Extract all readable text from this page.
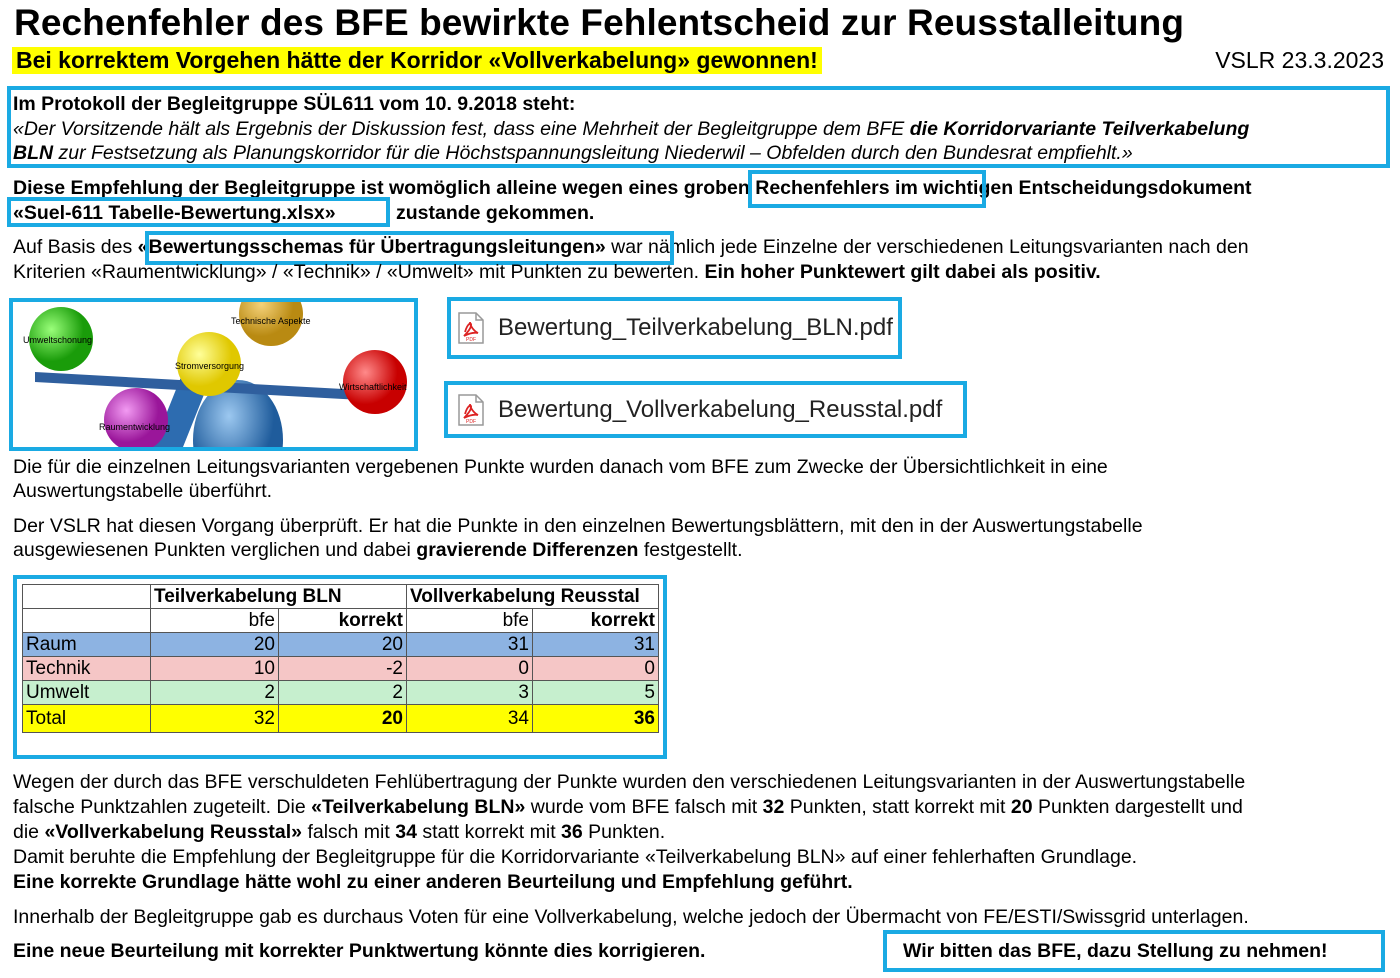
Rechenfehler des BFE bewirkte Fehlentscheid zur Reusstalleitung
Bei korrektem Vorgehen hätte der Korridor «Vollverkabelung» gewonnen!	VSLR 23.3.2023
Im Protokoll der Begleitgruppe SÜL611 vom 10. 9.2018 steht:
«Der Vorsitzende hält als Ergebnis der Diskussion fest, dass eine Mehrheit der Begleitgruppe dem BFE die Korridorvariante Teilverkabelung
BLN zur Festsetzung als Planungskorridor für die Höchstspannungsleitung Niederwil – Obfelden durch den Bundesrat empfiehlt.»
Diese Empfehlung der Begleitgruppe ist womöglich alleine wegen eines groben Rechenfehlers im wichtigen Entscheidungsdokument
«Suel-611 Tabelle-Bewertung.xlsx»	zustande gekommen.
Auf Basis des «Bewertungsschemas für Übertragungsleitungen» war nämlich jede Einzelne der verschiedenen Leitungsvarianten nach den
Kriterien «Raumentwicklung» / «Technik» / «Umwelt» mit Punkten zu bewerten. Ein hoher Punktewert gilt dabei als positiv.
Umweltschonung
Technische Aspekte
Stromversorgung
Wirtschaftlichkeit
Raumentwicklung
PDF Bewertung_Teilverkabelung_BLN.pdf
PDF Bewertung_Vollverkabelung_Reusstal.pdf
Die für die einzelnen Leitungsvarianten vergebenen Punkte wurden danach vom BFE zum Zwecke der Übersichtlichkeit in eine
Auswertungstabelle überführt.
Der VSLR hat diesen Vorgang überprüft. Er hat die Punkte in den einzelnen Bewertungsblättern, mit den in der Auswertungstabelle
ausgewiesenen Punkten verglichen und dabei gravierende Differenzen festgestellt.
	Teilverkabelung BLN		Vollverkabelung Reusstal	
	bfe	korrekt	bfe	korrekt
Raum	20	20	31	31
Technik	10	-2	0	0
Umwelt	2	2	3	5
Total	32	20	34	36
Wegen der durch das BFE verschuldeten Fehlübertragung der Punkte wurden den verschiedenen Leitungsvarianten in der Auswertungstabelle
falsche Punktzahlen zugeteilt. Die «Teilverkabelung BLN» wurde vom BFE falsch mit 32 Punkten, statt korrekt mit 20 Punkten dargestellt und
die «Vollverkabelung Reusstal» falsch mit 34 statt korrekt mit 36 Punkten.
Damit beruhte die Empfehlung der Begleitgruppe für die Korridorvariante «Teilverkabelung BLN» auf einer fehlerhaften Grundlage.
Eine korrekte Grundlage hätte wohl zu einer anderen Beurteilung und Empfehlung geführt.
Innerhalb der Begleitgruppe gab es durchaus Voten für eine Vollverkabelung, welche jedoch der Übermacht von FE/ESTI/Swissgrid unterlagen.
Eine neue Beurteilung mit korrekter Punktwertung könnte dies korrigieren.	Wir bitten das BFE, dazu Stellung zu nehmen!
